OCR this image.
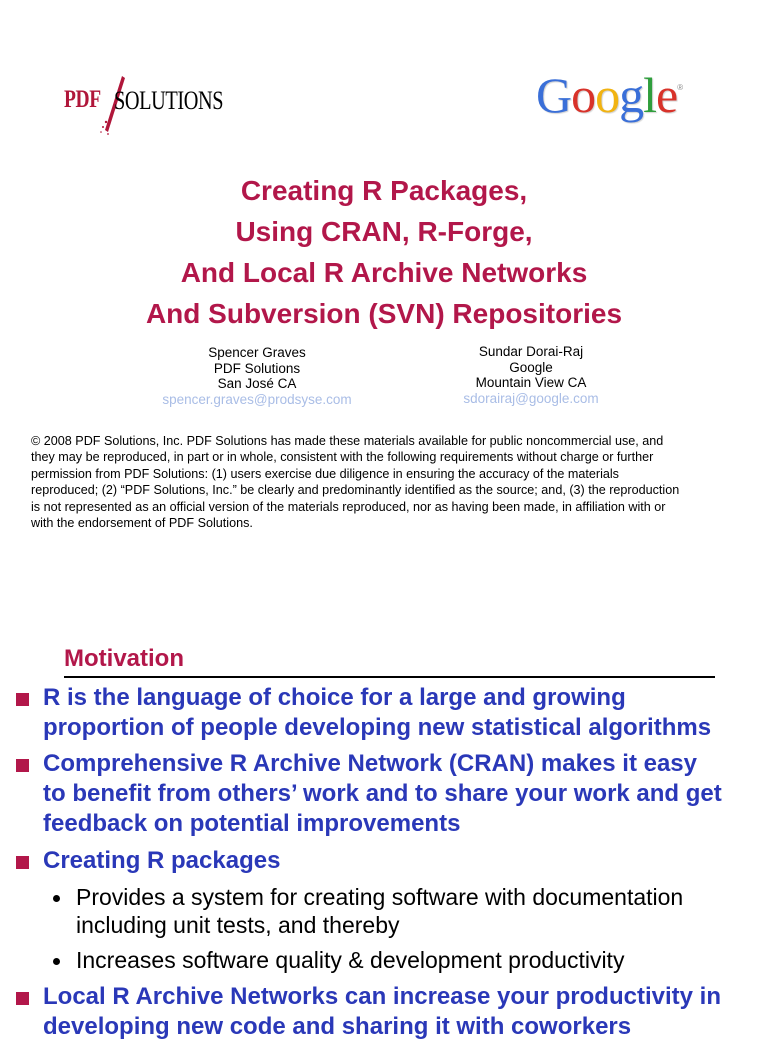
PDF SOLUTIONS	Google®
Creating R Packages,
Using CRAN, R-Forge,
And Local R Archive Networks
And Subversion (SVN) Repositories
Spencer Graves
PDF Solutions
San José CA
spencer.graves@prodsyse.com
Sundar Dorai-Raj
Google
Mountain View CA
sdorairaj@google.com
© 2008 PDF Solutions, Inc. PDF Solutions has made these materials available for public noncommercial use, and
they may be reproduced, in part or in whole, consistent with the following requirements without charge or further
permission from PDF Solutions: (1) users exercise due diligence in ensuring the accuracy of the materials
reproduced; (2) “PDF Solutions, Inc.” be clearly and predominantly identified as the source; and, (3) the reproduction
is not represented as an official version of the materials reproduced, nor as having been made, in affiliation with or
with the endorsement of PDF Solutions.
Motivation
R is the language of choice for a large and growing
proportion of people developing new statistical algorithms
Comprehensive R Archive Network (CRAN) makes it easy
to benefit from others’ work and to share your work and get
feedback on potential improvements
Creating R packages
Provides a system for creating software with documentation
including unit tests, and thereby
Increases software quality & development productivity
Local R Archive Networks can increase your productivity in
developing new code and sharing it with coworkers
